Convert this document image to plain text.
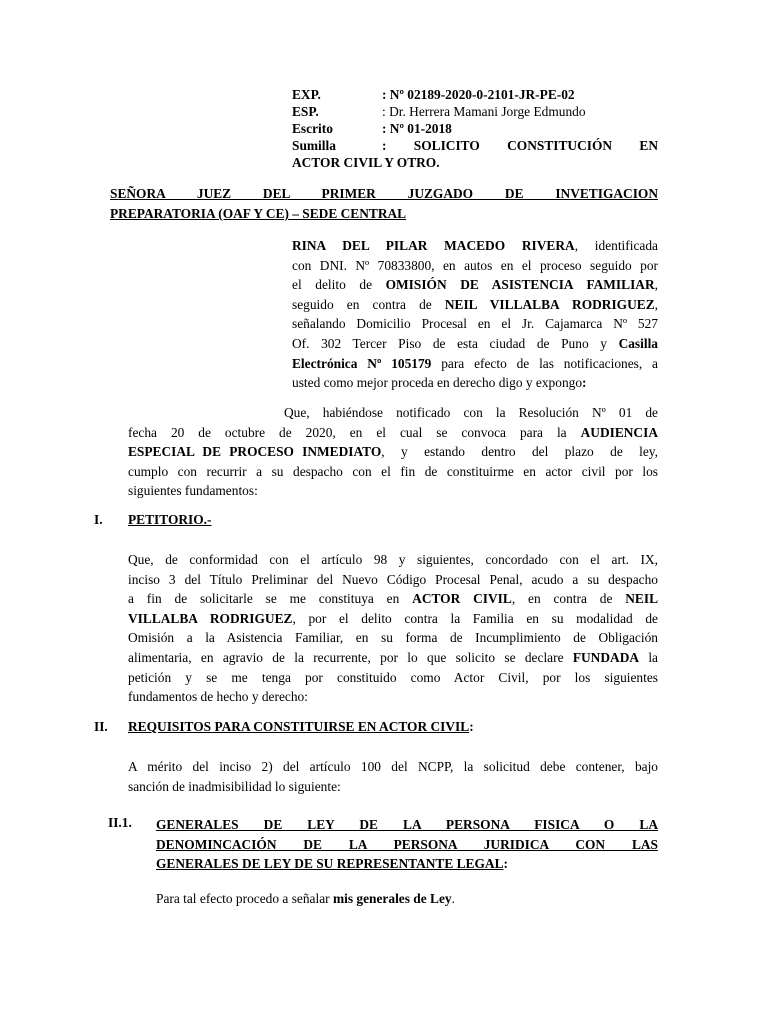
EXP.	: Nº 02189-2020-0-2101-JR-PE-02
ESP.	: Dr. Herrera Mamani Jorge Edmundo
Escrito	: Nº 01-2018
Sumilla	:  SOLICITO  CONSTITUCIÓN  EN
ACTOR CIVIL Y OTRO.
SEÑORA  JUEZ  DEL  PRIMER  JUZGADO  DE  INVETIGACION
PREPARATORIA (OAF Y CE) – SEDE CENTRAL
RINA DEL PILAR MACEDO RIVERA, identificada
con DNI. Nº 70833800, en autos en el proceso seguido por
el delito de OMISIÓN DE ASISTENCIA FAMILIAR,
seguido en contra de NEIL VILLALBA RODRIGUEZ,
señalando Domicilio Procesal en el Jr. Cajamarca Nº 527
Of.  302  Tercer  Piso  de  esta  ciudad  de  Puno  y  Casilla
Electrónica Nº 105179 para efecto de las notificaciones, a
usted como mejor proceda en derecho digo y expongo:
Que,  habiéndose  notificado  con  la  Resolución  Nº  01  de
fecha  20  de  octubre  de  2020,  en  el  cual  se  convoca  para  la  AUDIENCIA
ESPECIAL DE PROCESO INMEDIATO,  y  estando  dentro  del  plazo  de  ley,
cumplo con recurrir a su despacho con el fin de constituirme en actor civil por los
siguientes fundamentos:
I. PETITORIO.-
Que,  de  conformidad  con  el  artículo  98  y  siguientes,  concordado  con  el  art.  IX,
inciso 3 del Título Preliminar del Nuevo Código Procesal Penal, acudo a su despacho
a  fin  de  solicitarle  se  me  constituya  en  ACTOR  CIVIL,  en  contra  de  NEIL
VILLALBA RODRIGUEZ, por el delito contra la Familia en su modalidad de
Omisión a la Asistencia Familiar, en su forma de Incumplimiento de Obligación
alimentaria, en agravio de la recurrente, por lo que solicito se declare FUNDADA la
petición  y  se  me  tenga  por  constituido  como  Actor  Civil,  por  los  siguientes
fundamentos de hecho y derecho:
II. REQUISITOS PARA CONSTITUIRSE EN ACTOR CIVIL:
A mérito del inciso 2) del artículo 100 del NCPP, la solicitud debe contener, bajo
sanción de inadmisibilidad lo siguiente:
II.1. GENERALES  DE  LEY  DE  LA  PERSONA  FISICA  O  LA
DENOMINCACIÓN  DE  LA  PERSONA  JURIDICA  CON  LAS
GENERALES DE LEY DE SU REPRESENTANTE LEGAL:
Para tal efecto procedo a señalar mis generales de Ley.
